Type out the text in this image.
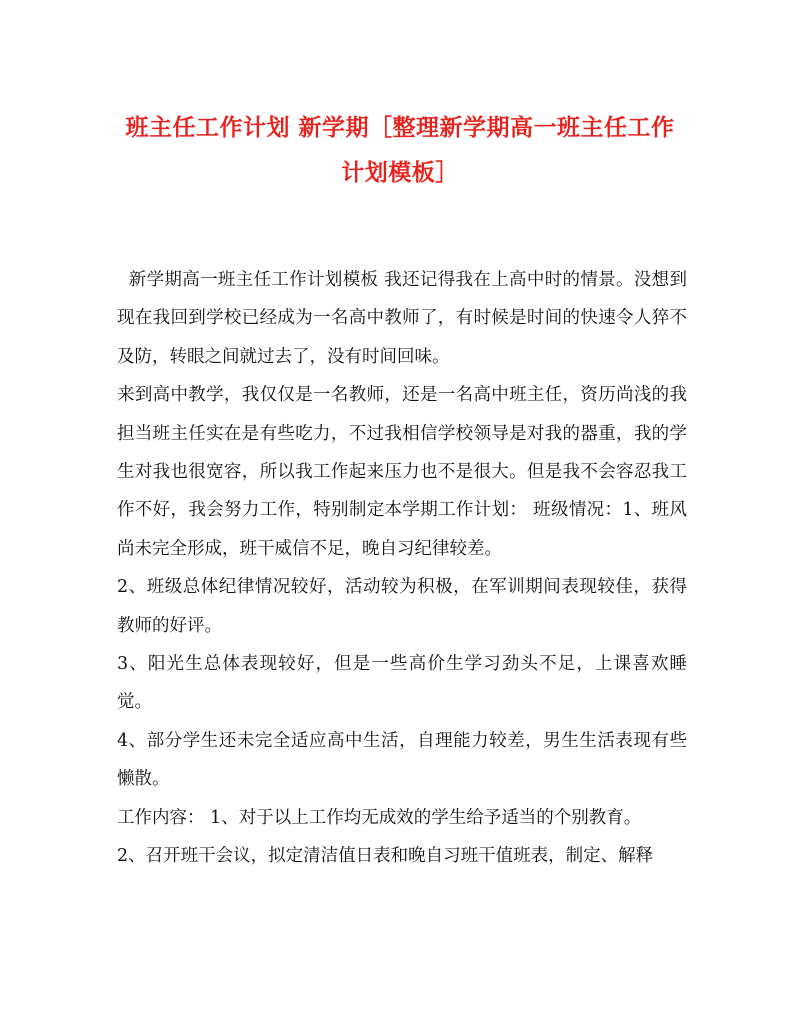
班主任工作计划 新学期［整理新学期高一班主任工作
计划模板］

新学期高一班主任工作计划模板 我还记得我在上高中时的情景。没想到现在我回到学校已经成为一名高中教师了，有时候是时间的快速令人猝不及防，转眼之间就过去了，没有时间回味。

来到高中教学，我仅仅是一名教师，还是一名高中班主任，资历尚浅的我担当班主任实在是有些吃力，不过我相信学校领导是对我的器重，我的学生对我也很宽容，所以我工作起来压力也不是很大。但是我不会容忍我工作不好，我会努力工作，特别制定本学期工作计划： 班级情况：1、班风尚未完全形成，班干威信不足，晚自习纪律较差。

2、班级总体纪律情况较好，活动较为积极，在军训期间表现较佳，获得教师的好评。

3、阳光生总体表现较好，但是一些高价生学习劲头不足，上课喜欢睡觉。

4、部分学生还未完全适应高中生活，自理能力较差，男生生活表现有些懒散。

工作内容： 1、对于以上工作均无成效的学生给予适当的个别教育。

2、召开班干会议，拟定清洁值日表和晚自习班干值班表，制定、解释
